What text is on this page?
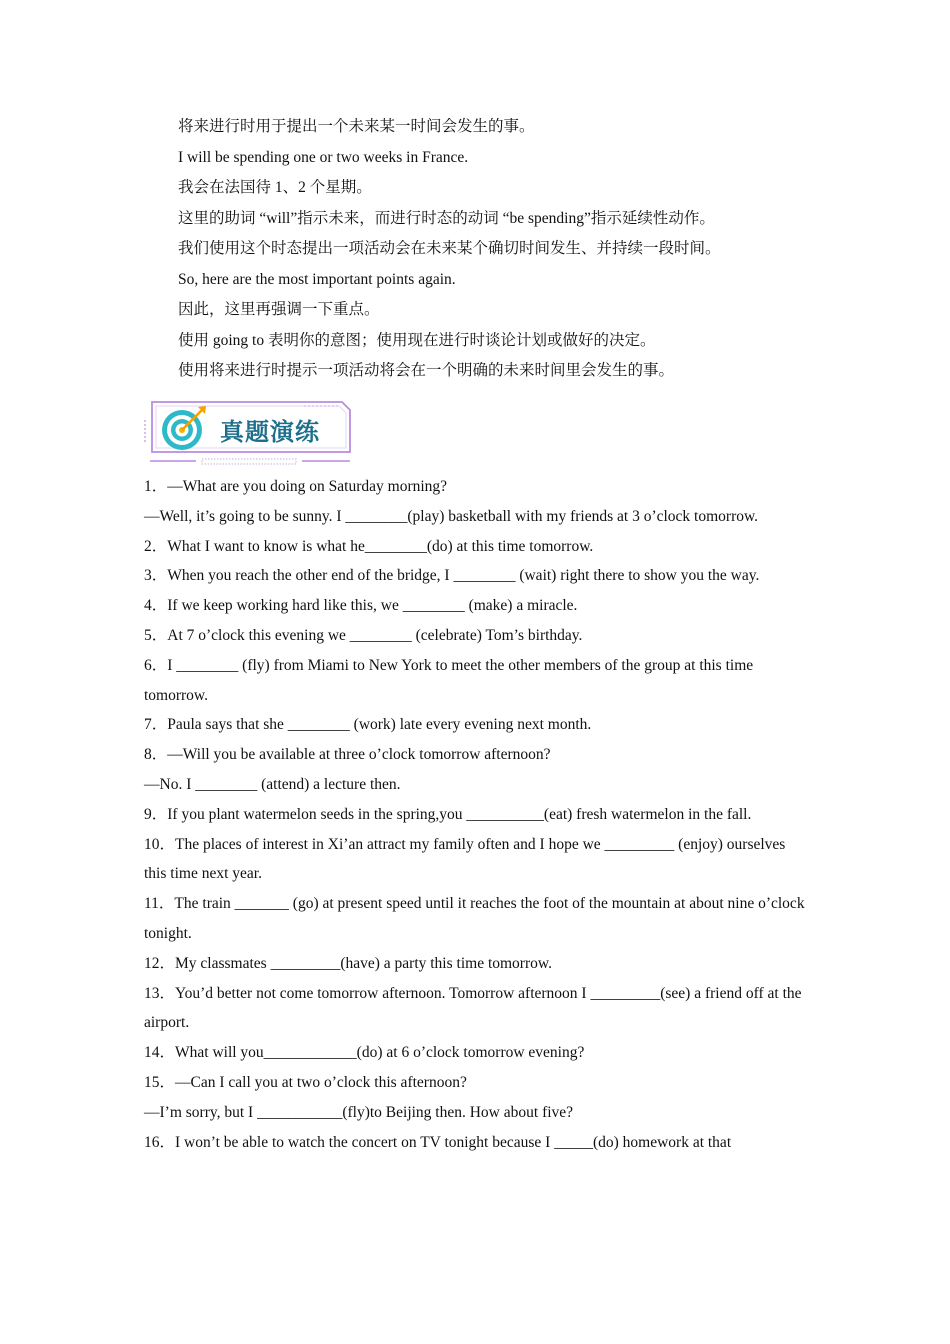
将来进行时用于提出一个未来某一时间会发生的事。

I will be spending one or two weeks in France.

我会在法国待 1、2 个星期。

这里的助词 “will”指示未来，而进行时态的动词 “be spending”指示延续性动作。

我们使用这个时态提出一项活动会在未来某个确切时间发生、并持续一段时间。

So, here are the most important points again.

因此，这里再强调一下重点。

使用 going to 表明你的意图；使用现在进行时谈论计划或做好的决定。

使用将来进行时提示一项活动将会在一个明确的未来时间里会发生的事。

真题演练

1．—What are you doing on Saturday morning?

—Well, it’s going to be sunny. I ________(play) basketball with my friends at 3 o’clock tomorrow.

2．What I want to know is what he________(do) at this time tomorrow.

3．When you reach the other end of the bridge, I ________ (wait) right there to show you the way.

4．If we keep working hard like this, we ________ (make) a miracle.

5．At 7 o’clock this evening we ________ (celebrate) Tom’s birthday.

6．I ________ (fly) from Miami to New York to meet the other members of the group at this time tomorrow.

7．Paula says that she ________ (work) late every evening next month.

8．—Will you be available at three o’clock tomorrow afternoon?

—No. I ________ (attend) a lecture then.

9．If you plant watermelon seeds in the spring,you __________(eat) fresh watermelon in the fall.

10．The places of interest in Xi’an attract my family often and I hope we _________ (enjoy) ourselves this time next year.

11．The train _______ (go) at present speed until it reaches the foot of the mountain at about nine o’clock tonight.

12．My classmates _________(have) a party this time tomorrow.

13．You’d better not come tomorrow afternoon. Tomorrow afternoon I _________(see) a friend off at the airport.

14．What will you____________(do) at 6 o’clock tomorrow evening?

15．—Can I call you at two o’clock this afternoon?

—I’m sorry, but I ___________(fly)to Beijing then. How about five?

16．I won’t be able to watch the concert on TV tonight because I _____(do) homework at that
